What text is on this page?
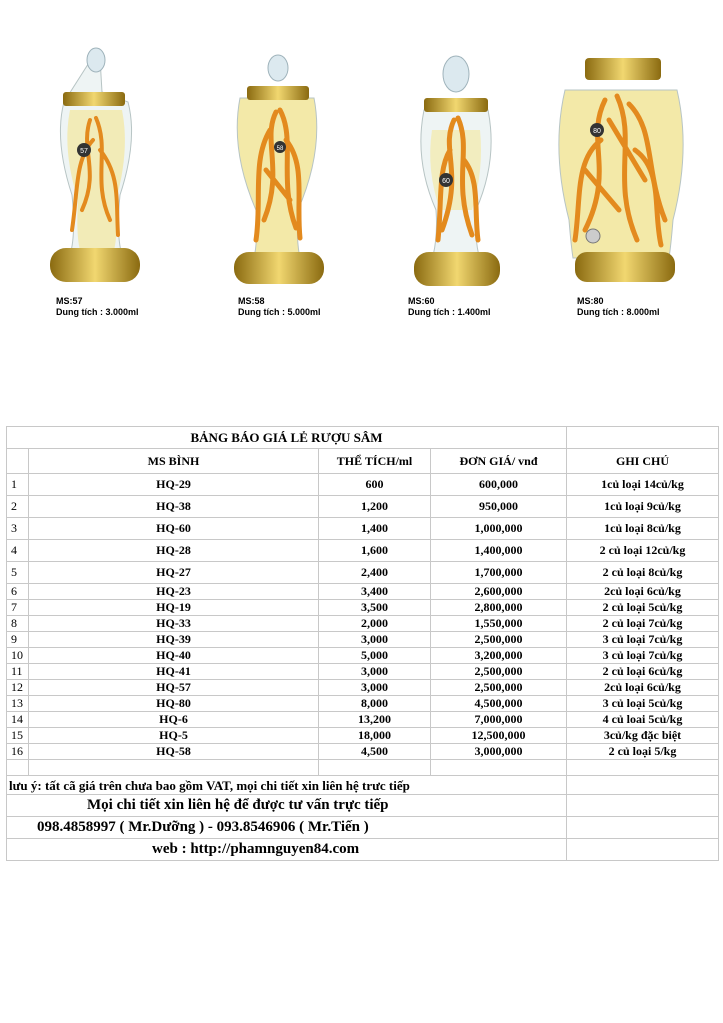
57
MS:57
Dung tích : 3.000ml
58
MS:58
Dung tích : 5.000ml
60
MS:60
Dung tích : 1.400ml
80
MS:80
Dung tích : 8.000ml
BẢNG BÁO GIÁ LẺ RƯỢU SÂM				
	MS BÌNH	THỂ TÍCH/ml	ĐƠN GIÁ/ vnđ	GHI CHÚ
1	HQ-29	600	600,000	1củ loại 14củ/kg
2	HQ-38	1,200	950,000	1củ loại 9củ/kg
3	HQ-60	1,400	1,000,000	1củ loại 8củ/kg
4	HQ-28	1,600	1,400,000	2 củ loại 12củ/kg
5	HQ-27	2,400	1,700,000	2 củ loại 8củ/kg
6	HQ-23	3,400	2,600,000	2củ loại 6củ/kg
7	HQ-19	3,500	2,800,000	2 củ loại 5củ/kg
8	HQ-33	2,000	1,550,000	2 củ loại 7củ/kg
9	HQ-39	3,000	2,500,000	3 củ loại 7củ/kg
10	HQ-40	5,000	3,200,000	3 củ loại 7củ/kg
11	HQ-41	3,000	2,500,000	2 củ loại 6củ/kg
12	HQ-57	3,000	2,500,000	2củ loại 6củ/kg
13	HQ-80	8,000	4,500,000	3 củ loại 5củ/kg
14	HQ-6	13,200	7,000,000	4 củ loai 5củ/kg
15	HQ-5	18,000	12,500,000	3củ/kg đặc biệt
16	HQ-58	4,500	3,000,000	2 củ loại 5/kg

lưu ý: tất cã giá trên chưa bao gồm VAT, mọi chi tiết xin liên hệ trưc tiếp				
Mọi chi tiết xin liên hệ để được tư vấn trực tiếp				
098.4858997 ( Mr.Dưỡng ) - 093.8546906 ( Mr.Tiến )				
web : http://phamnguyen84.com				
